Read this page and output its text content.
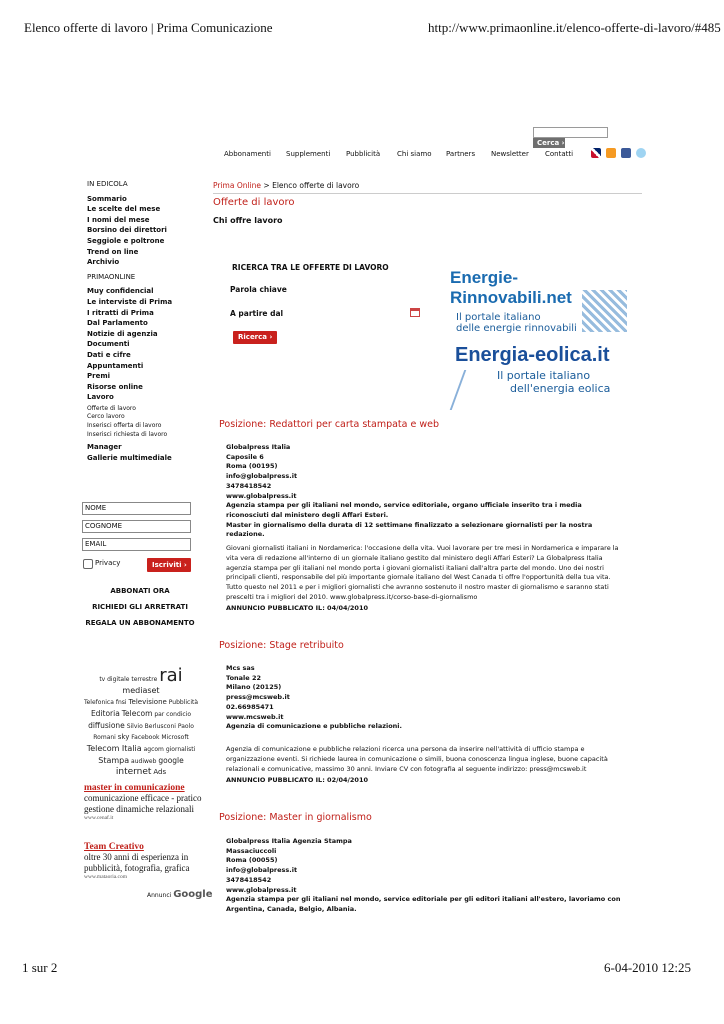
Elenco offerte di lavoro | Prima Comunicazione	http://www.primaonline.it/elenco-offerte-di-lavoro/#485
Cerca ›
Abbonamenti Supplementi Pubblicità Chi siamo Partners Newsletter Contatti
IN EDICOLA
Sommario
Le scelte del mese
I nomi del mese
Borsino dei direttori
Seggiole e poltrone
Trend on line
Archivio
PRIMAONLINE
Muy confidencial
Le interviste di Prima
I ritratti di Prima
Dal Parlamento
Notizie di agenzia
Documenti
Dati e cifre
Appuntamenti
Premi
Risorse online
Lavoro
Offerte di lavoro
Cerco lavoro
Inserisci offerta di lavoro
Inserisci richiesta di lavoro
Manager
Gallerie multimediale
NOME
COGNOME
EMAIL
Privacy	Iscriviti ›
ABBONATI ORA
RICHIEDI GLI ARRETRATI
REGALA UN ABBONAMENTO
tv digitale terrestre rai mediaset
Telefonica fnsi Televisione Pubblicità
Editoria Telecom par condicio
diffusione Silvio Berlusconi Paolo
Romani sky Facebook Microsoft
Telecom Italia agcom giornalisti
Stampa audiweb google
internet Ads
master in comunicazione
comunicazione efficace - pratico gestione dinamiche relazionali
www.cenaf.it
Team Creativo
oltre 30 anni di esperienza in pubblicità, fotografia, grafica
www.mataoria.com
Annunci Google
Prima Online > Elenco offerte di lavoro
Offerte di lavoro
Chi offre lavoro
RICERCA TRA LE OFFERTE DI LAVORO
Parola chiave
A partire dal
Ricerca ›
Energie-Rinnovabili.net
Il portale italiano
delle energie rinnovabili
Energia-eolica.it
Il portale italiano
dell'energia eolica
Posizione: Redattori per carta stampata e web
Globalpress Italia
Caposile 6
Roma (00195)
info@globalpress.it
3478418542
www.globalpress.it
Agenzia stampa per gli italiani nel mondo, service editoriale, organo ufficiale inserito tra i media riconosciuti dal ministero degli Affari Esteri.
Master in giornalismo della durata di 12 settimane finalizzato a selezionare giornalisti per la nostra redazione.
Giovani giornalisti italiani in Nordamerica: l'occasione della vita. Vuoi lavorare per tre mesi in Nordamerica e imparare la vita vera di redazione all'interno di un giornale italiano gestito dal ministero degli Affari Esteri? La Globalpress Italia agenzia stampa per gli italiani nel mondo porta i giovani giornalisti italiani dall'altra parte del mondo. Uno dei nostri principali clienti, responsabile del più importante giornale italiano del West Canada ti offre l'opportunità della tua vita. Tutto questo nel 2011 e per i migliori giornalisti che avranno sostenuto il nostro master di giornalismo e saranno stati prescelti tra i migliori del 2010. www.globalpress.it/corso-base-di-giornalismo
ANNUNCIO PUBBLICATO IL: 04/04/2010
Posizione: Stage retribuito
Mcs sas
Tonale 22
Milano (20125)
press@mcsweb.it
02.66985471
www.mcsweb.it
Agenzia di comunicazione e pubbliche relazioni.
Agenzia di comunicazione e pubbliche relazioni ricerca una persona da inserire nell'attività di ufficio stampa e organizzazione eventi. Si richiede laurea in comunicazione o simili, buona conoscenza lingua inglese, buone capacità relazionali e comunicative, massimo 30 anni. Inviare CV con fotografia al seguente indirizzo: press@mcsweb.it
ANNUNCIO PUBBLICATO IL: 02/04/2010
Posizione: Master in giornalismo
Globalpress Italia Agenzia Stampa
Massaciuccoli
Roma (00055)
info@globalpress.it
3478418542
www.globalpress.it
Agenzia stampa per gli italiani nel mondo, service editoriale per gli editori italiani all'estero, lavoriamo con Argentina, Canada, Belgio, Albania.
1 sur 2	6-04-2010 12:25
